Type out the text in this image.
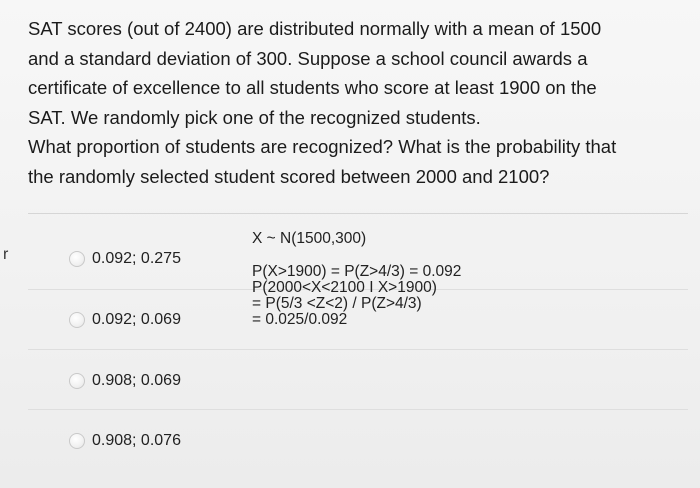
r
SAT scores (out of 2400) are distributed normally with a mean of 1500
and a standard deviation of 300. Suppose a school council awards a
certificate of excellence to all students who score at least 1900 on the
SAT. We randomly pick one of the recognized students.
What proportion of students are recognized? What is the probability that
the randomly selected student scored between 2000 and 2100?
0.092; 0.275
0.092; 0.069
0.908; 0.069
0.908; 0.076
X ~ N(1500,300)
P(X>1900) = P(Z>4/3) = 0.092
P(2000<X<2100 I X>1900)
= P(5/3 <Z<2) / P(Z>4/3)
= 0.025/0.092
